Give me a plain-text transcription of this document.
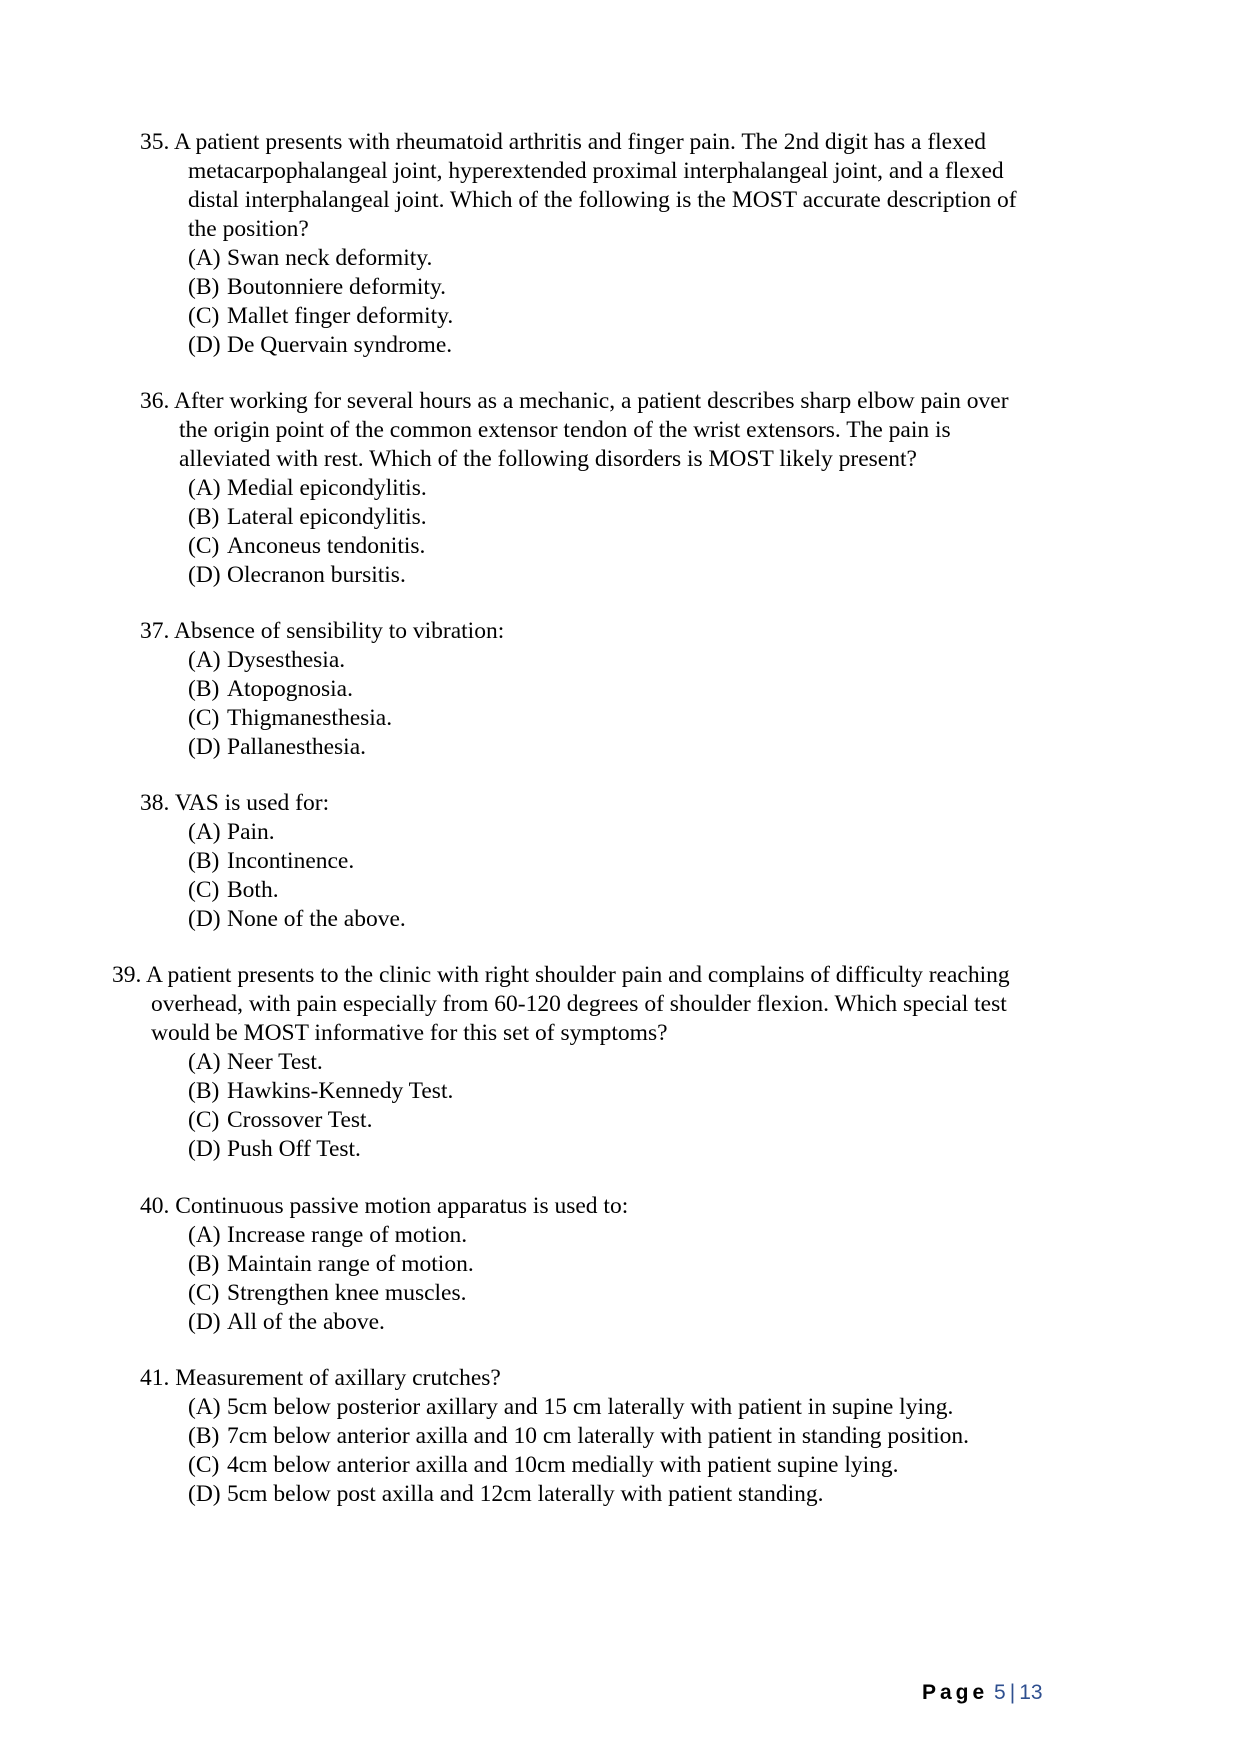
35. A patient presents with rheumatoid arthritis and finger pain. The 2nd digit has a flexed
metacarpophalangeal joint, hyperextended proximal interphalangeal joint, and a flexed
distal interphalangeal joint. Which of the following is the MOST accurate description of
the position?
(A) Swan neck deformity.
(B) Boutonniere deformity.
(C) Mallet finger deformity.
(D) De Quervain syndrome.
36. After working for several hours as a mechanic, a patient describes sharp elbow pain over
the origin point of the common extensor tendon of the wrist extensors. The pain is
alleviated with rest. Which of the following disorders is MOST likely present?
(A) Medial epicondylitis.
(B) Lateral epicondylitis.
(C) Anconeus tendonitis.
(D) Olecranon bursitis.
37. Absence of sensibility to vibration:
(A) Dysesthesia.
(B) Atopognosia.
(C) Thigmanesthesia.
(D) Pallanesthesia.
38. VAS is used for:
(A) Pain.
(B) Incontinence.
(C) Both.
(D) None of the above.
39. A patient presents to the clinic with right shoulder pain and complains of difficulty reaching
overhead, with pain especially from 60-120 degrees of shoulder flexion. Which special test
would be MOST informative for this set of symptoms?
(A) Neer Test.
(B) Hawkins-Kennedy Test.
(C) Crossover Test.
(D) Push Off Test.
40. Continuous passive motion apparatus is used to:
(A) Increase range of motion.
(B) Maintain range of motion.
(C) Strengthen knee muscles.
(D) All of the above.
41. Measurement of axillary crutches?
(A) 5cm below posterior axillary and 15 cm laterally with patient in supine lying.
(B) 7cm below anterior axilla and 10 cm laterally with patient in standing position.
(C) 4cm below anterior axilla and 10cm medially with patient supine lying.
(D) 5cm below post axilla and 12cm laterally with patient standing.
Page 5 | 13
